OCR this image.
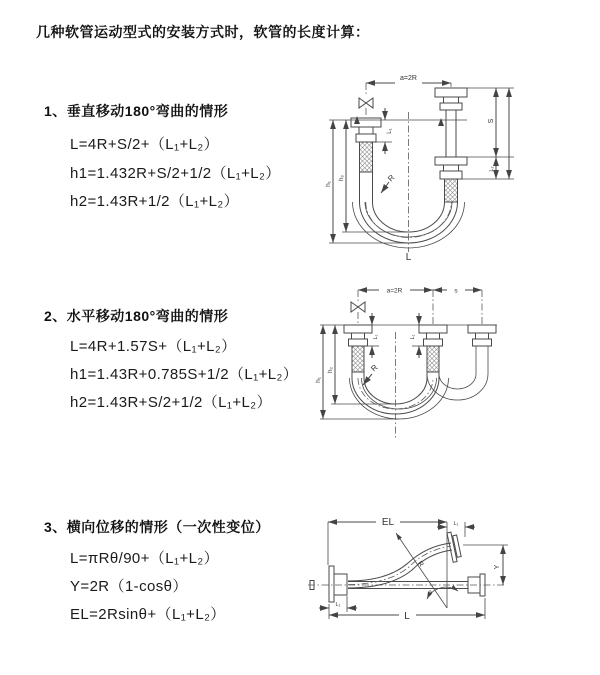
几种软管运动型式的安装方式时，软管的长度计算：
1、垂直移动180°弯曲的情形
L=4R+S/2+（L₁+L₂）
h1=1.432R+S/2+1/2（L₁+L₂）
h2=1.43R+1/2（L₁+L₂）
2、水平移动180°弯曲的情形
L=4R+1.57S+（L₁+L₂）
h1=1.43R+0.785S+1/2（L₁+L₂）
h2=1.43R+S/2+1/2（L₁+L₂）
3、横向位移的情形（一次性变位）
L=πRθ/90+（L₁+L₂）
Y=2R（1-cosθ）
EL=2Rsinθ+（L₁+L₂）
a=2R
h₁
h₂
L₁
S
L₂
R
L
a=2R	s
L₁	L₁
h₁
h₂	R
EL	L₁
Y
θ
R
L
L₁
